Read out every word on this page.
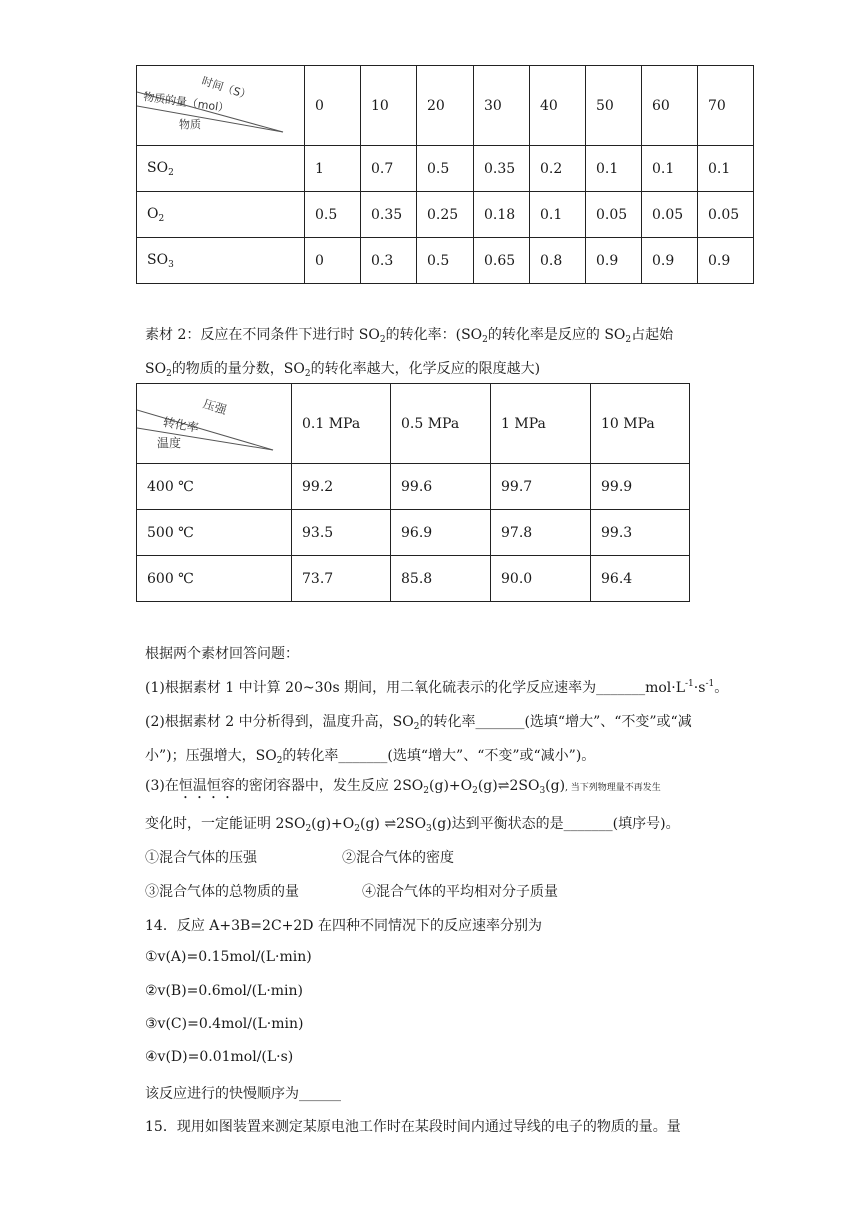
时间（S）
物质的量（mol）
物质	0	10	20	30	40	50	60	70
$SO_2$	1	0.7	0.5	0.35	0.2	0.1	0.1	0.1
$O_2$	0.5	0.35	0.25	0.18	0.1	0.05	0.05	0.05
$SO_3$	0	0.3	0.5	0.65	0.8	0.9	0.9	0.9
素材 2：反应在不同条件下进行时 $SO_2$的转化率：($SO_2$的转化率是反应的 $SO_2$占起始
$SO_2$的物质的量分数，$SO_2$的转化率越大，化学反应的限度越大)
压强
转化率
温度	0.1 MPa	0.5 MPa	1 MPa	10 MPa
400 ℃	99.2	99.6	99.7	99.9
500 ℃	93.5	96.9	97.8	99.3
600 ℃	73.7	85.8	90.0	96.4
根据两个素材回答问题：
(1)根据素材 1 中计算 20~30s 期间，用二氧化硫表示的化学反应速率为$\_\_\_\_\_\_\_mol\cdot L^{-1}\cdot s^{-1}$。
(2)根据素材 2 中分析得到，温度升高，$SO_2$的转化率_______(选填“增大”、“不变”或“减
小”)；压强增大，$SO_2$的转化率_______(选填“增大”、“不变”或“减小”)。
(3)在恒温恒容的密闭容器中，发生反应 $2SO_2(g)+O_2(g)\rightleftharpoons 2SO_3(g)$, 当下列物理量不再发生
变化时，一定能证明 $2SO_2(g)+O_2(g)$ $\rightleftharpoons 2SO_3(g)$达到平衡状态的是_______(填序号)。
①混合气体的压强	②混合气体的密度
③混合气体的总物质的量	④混合气体的平均相对分子质量
14．反应 A+3B=2C+2D 在四种不同情况下的反应速率分别为
①v(A)=0.15mol/(L·min)
②v(B)=0.6mol/(L·min)
③v(C)=0.4mol/(L·min)
④v(D)=0.01mol/(L·s)
该反应进行的快慢顺序为______
15．现用如图装置来测定某原电池工作时在某段时间内通过导线的电子的物质的量。量
